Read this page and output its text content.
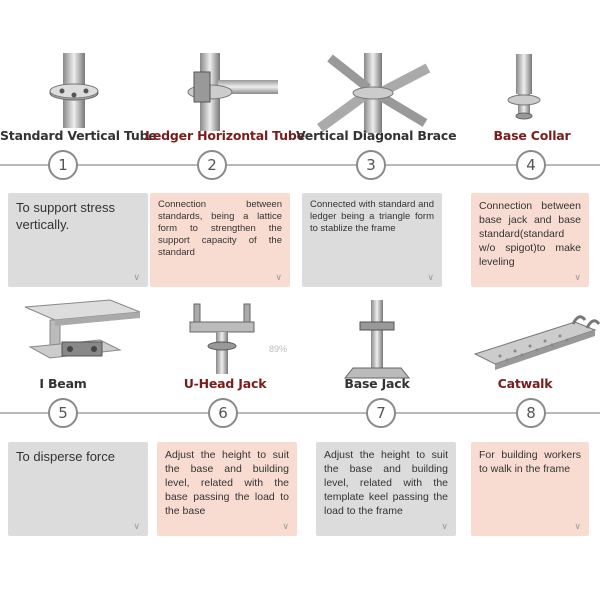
Standard Vertical Tube
Ledger Horizontal Tube
Vertical Diagonal Brace	Base Collar
1	2	3	4
To support stress vertically.
∨
Connection between standards, being a lattice form to strengthen the support capacity of the standard
∨
Connected with standard and ledger being a triangle form to stablize the frame
∨
Connection between base jack and base standard(standard w/o spigot)to make leveling
∨
89%
I Beam	U-Head Jack	Base Jack	Catwalk
5	6	7	8
To disperse force
∨
Adjust the height to suit the base and building level, related with the base passing the load to the base
∨
Adjust the height to suit the base and building level, related with the template keel passing the load to the frame
∨
For building workers to walk in the frame
∨
